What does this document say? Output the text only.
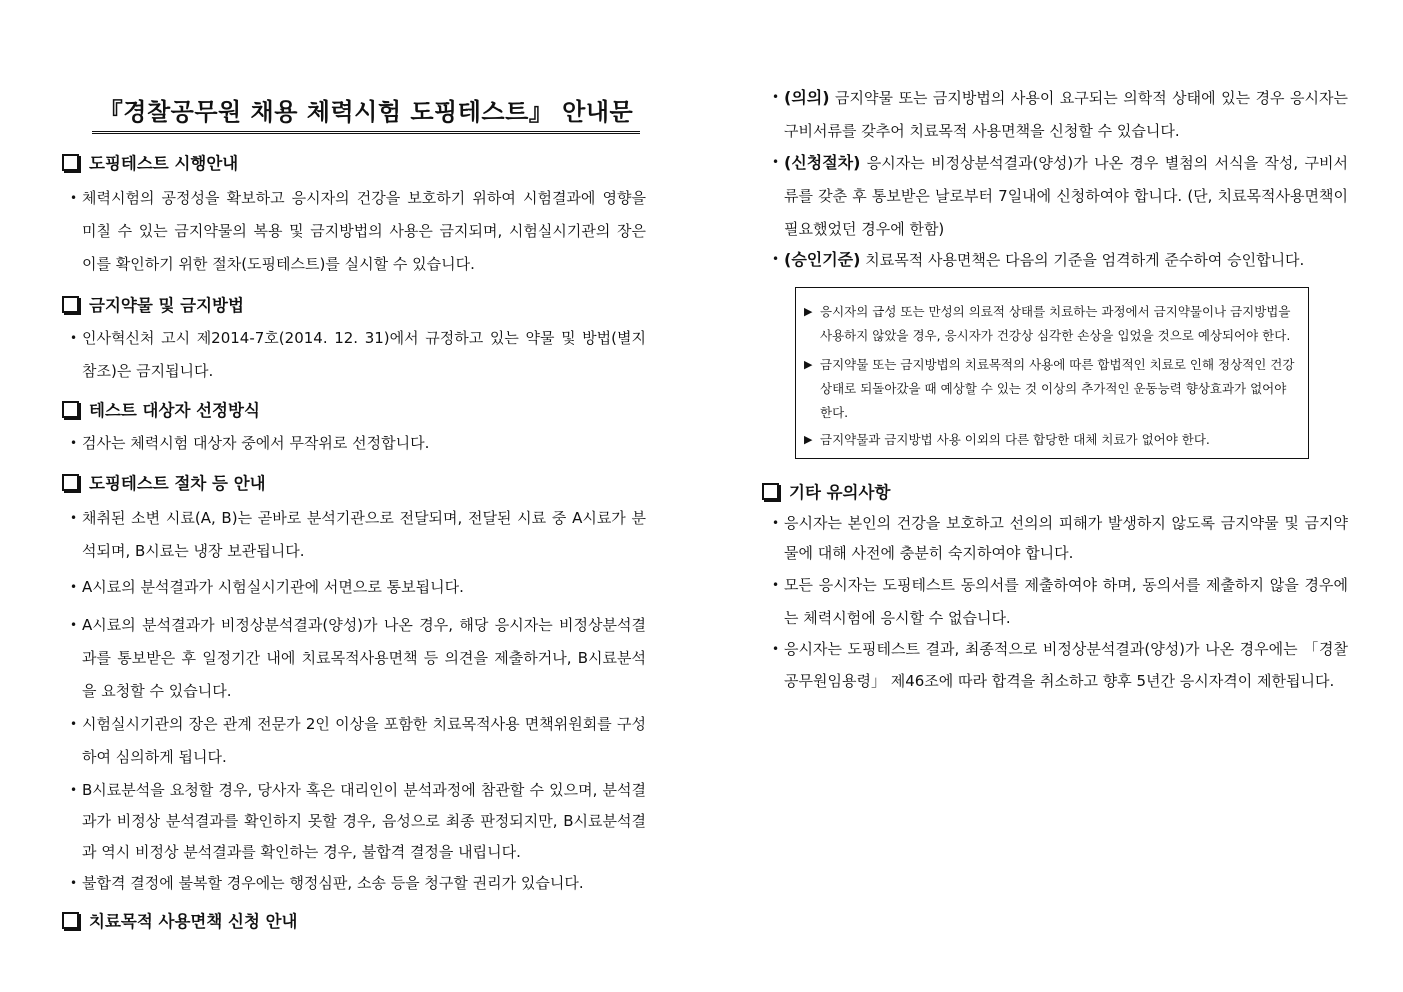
『경찰공무원 채용 체력시험 도핑테스트』 안내문
도핑테스트 시행안내
• 체력시험의 공정성을 확보하고 응시자의 건강을 보호하기 위하여 시험결과에 영향을 미칠 수 있는 금지약물의 복용 및 금지방법의 사용은 금지되며, 시험실시기관의 장은 이를 확인하기 위한 절차(도핑테스트)를 실시할 수 있습니다.
금지약물 및 금지방법
• 인사혁신처 고시 제2014-7호(2014. 12. 31)에서 규정하고 있는 약물 및 방법(별지 참조)은 금지됩니다.
테스트 대상자 선정방식
• 검사는 체력시험 대상자 중에서 무작위로 선정합니다.
도핑테스트 절차 등 안내
• 채취된 소변 시료(A, B)는 곧바로 분석기관으로 전달되며, 전달된 시료 중 A시료가 분석되며, B시료는 냉장 보관됩니다.
• A시료의 분석결과가 시험실시기관에 서면으로 통보됩니다.
• A시료의 분석결과가 비정상분석결과(양성)가 나온 경우, 해당 응시자는 비정상분석결과를 통보받은 후 일정기간 내에 치료목적사용면책 등 의견을 제출하거나, B시료분석을 요청할 수 있습니다.
• 시험실시기관의 장은 관계 전문가 2인 이상을 포함한 치료목적사용 면책위원회를 구성하여 심의하게 됩니다.
• B시료분석을 요청할 경우, 당사자 혹은 대리인이 분석과정에 참관할 수 있으며, 분석결과가 비정상 분석결과를 확인하지 못할 경우, 음성으로 최종 판정되지만, B시료분석결과 역시 비정상 분석결과를 확인하는 경우, 불합격 결정을 내립니다.
• 불합격 결정에 불복할 경우에는 행정심판, 소송 등을 청구할 권리가 있습니다.
치료목적 사용면책 신청 안내
• (의의) 금지약물 또는 금지방법의 사용이 요구되는 의학적 상태에 있는 경우 응시자는 구비서류를 갖추어 치료목적 사용면책을 신청할 수 있습니다.
• (신청절차) 응시자는 비정상분석결과(양성)가 나온 경우 별첨의 서식을 작성, 구비서류를 갖춘 후 통보받은 날로부터 7일내에 신청하여야 합니다. (단, 치료목적사용면책이 필요했었던 경우에 한함)
• (승인기준) 치료목적 사용면책은 다음의 기준을 엄격하게 준수하여 승인합니다.
▶ 응시자의 급성 또는 만성의 의료적 상태를 치료하는 과정에서 금지약물이나 금지방법을 사용하지 않았을 경우, 응시자가 건강상 심각한 손상을 입었을 것으로 예상되어야 한다.
▶ 금지약물 또는 금지방법의 치료목적의 사용에 따른 합법적인 치료로 인해 정상적인 건강상태로 되돌아갔을 때 예상할 수 있는 것 이상의 추가적인 운동능력 향상효과가 없어야 한다.
▶ 금지약물과 금지방법 사용 이외의 다른 합당한 대체 치료가 없어야 한다.
기타 유의사항
• 응시자는 본인의 건강을 보호하고 선의의 피해가 발생하지 않도록 금지약물 및 금지약물에 대해 사전에 충분히 숙지하여야 합니다.
• 모든 응시자는 도핑테스트 동의서를 제출하여야 하며, 동의서를 제출하지 않을 경우에는 체력시험에 응시할 수 없습니다.
• 응시자는 도핑테스트 결과, 최종적으로 비정상분석결과(양성)가 나온 경우에는 「경찰공무원임용령」 제46조에 따라 합격을 취소하고 향후 5년간 응시자격이 제한됩니다.
